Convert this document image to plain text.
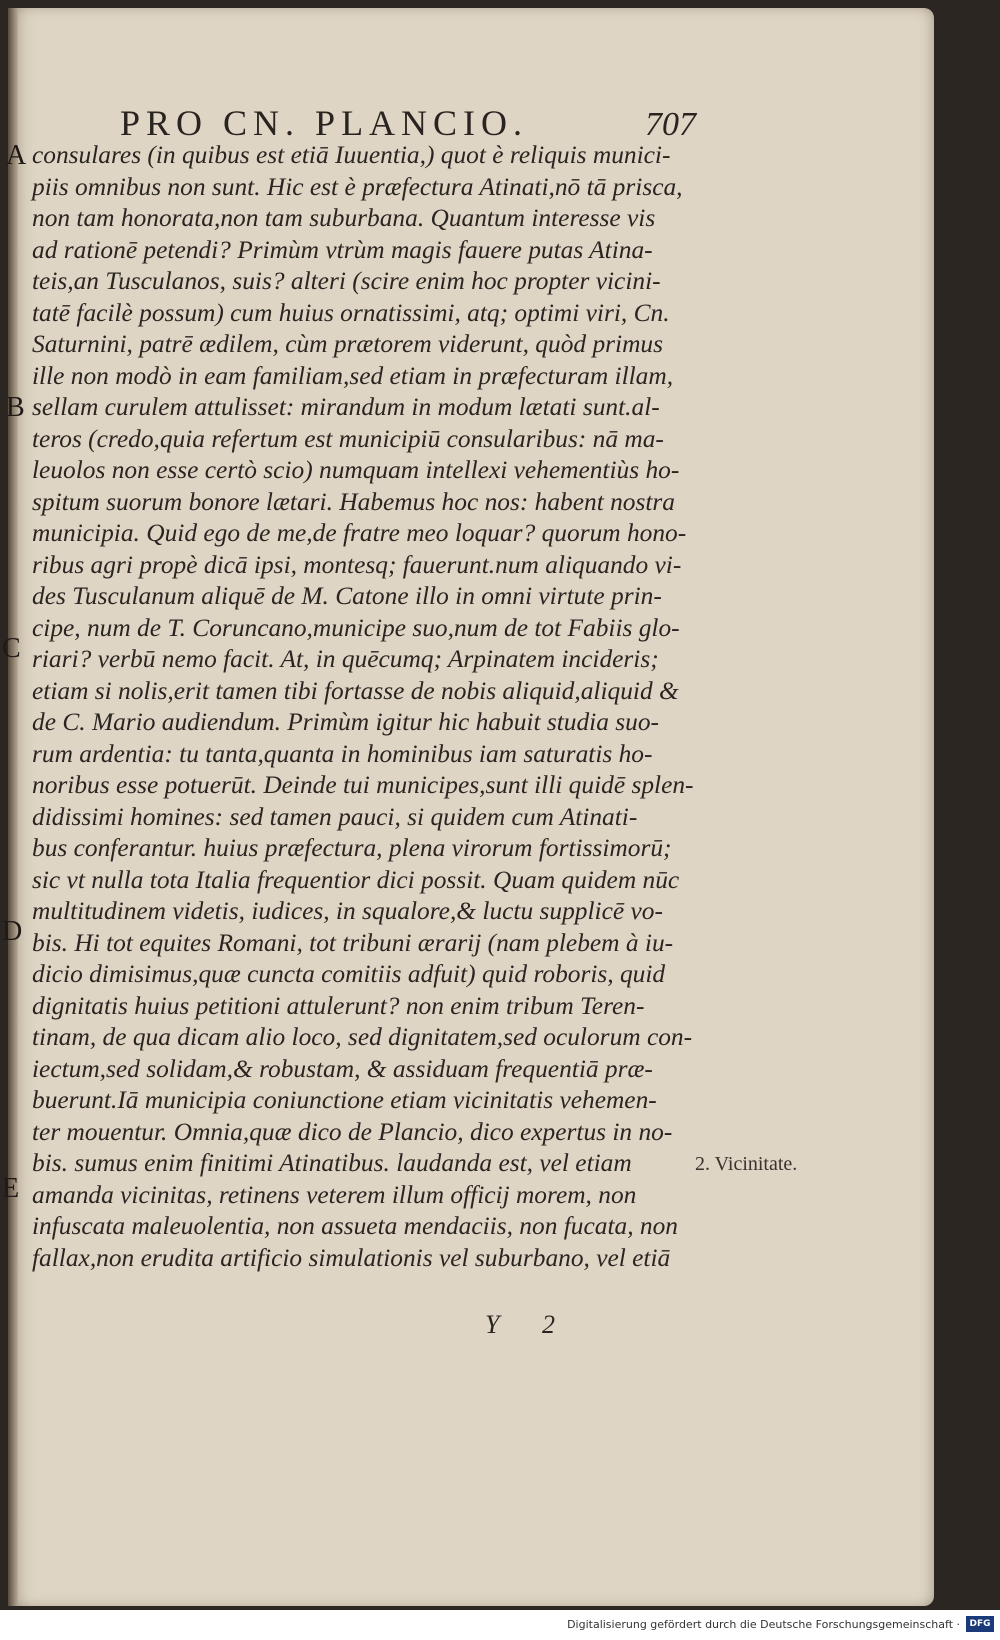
PRO CN. PLANCIO.	707
A
B
C
D
E
consulares (in quibus est etiā Iuuentia,) quot è reliquis munici-
piis omnibus non sunt. Hic est è præfectura Atinati,nō tā prisca,
non tam honorata,non tam suburbana. Quantum interesse vis
ad rationē petendi? Primùm vtrùm magis fauere putas Atina-
teis,an Tusculanos, suis? alteri (scire enim hoc propter vicini-
tatē facilè possum) cum huius ornatissimi, atq; optimi viri, Cn.
Saturnini, patrē ædilem, cùm prætorem viderunt, quòd primus
ille non modò in eam familiam,sed etiam in præfecturam illam,
sellam curulem attulisset: mirandum in modum lætati sunt.al-
teros (credo,quia refertum est municipiū consularibus: nā ma-
leuolos non esse certò scio) numquam intellexi vehementiùs ho-
spitum suorum bonore lætari. Habemus hoc nos: habent nostra
municipia. Quid ego de me,de fratre meo loquar? quorum hono-
ribus agri propè dicā ipsi, montesq; fauerunt.num aliquando vi-
des Tusculanum aliquē de M. Catone illo in omni virtute prin-
cipe, num de T. Coruncano,municipe suo,num de tot Fabiis glo-
riari? verbū nemo facit. At, in quēcumq; Arpinatem incideris;
etiam si nolis,erit tamen tibi fortasse de nobis aliquid,aliquid &
de C. Mario audiendum. Primùm igitur hic habuit studia suo-
rum ardentia: tu tanta,quanta in hominibus iam saturatis ho-
noribus esse potuerūt. Deinde tui municipes,sunt illi quidē splen-
didissimi homines: sed tamen pauci, si quidem cum Atinati-
bus conferantur. huius præfectura, plena virorum fortissimorū;
sic vt nulla tota Italia frequentior dici possit. Quam quidem nūc
multitudinem videtis, iudices, in squalore,& luctu supplicē vo-
bis. Hi tot equites Romani, tot tribuni ærarij (nam plebem à iu-
dicio dimisimus,quæ cuncta comitiis adfuit) quid roboris, quid
dignitatis huius petitioni attulerunt? non enim tribum Teren-
tinam, de qua dicam alio loco, sed dignitatem,sed oculorum con-
iectum,sed solidam,& robustam, & assiduam frequentiā præ-
buerunt.Iā municipia coniunctione etiam vicinitatis vehemen-
ter mouentur. Omnia,quæ dico de Plancio, dico expertus in no-
bis. sumus enim finitimi Atinatibus. laudanda est, vel etiam
amanda vicinitas, retinens veterem illum officij morem, non
infuscata maleuolentia, non assueta mendaciis, non fucata, non
fallax,non erudita artificio simulationis vel suburbano, vel etiā
2. Vicinitate.
Y 2
Digitalisierung gefördert durch die Deutsche Forschungsgemeinschaft ·	DFG
